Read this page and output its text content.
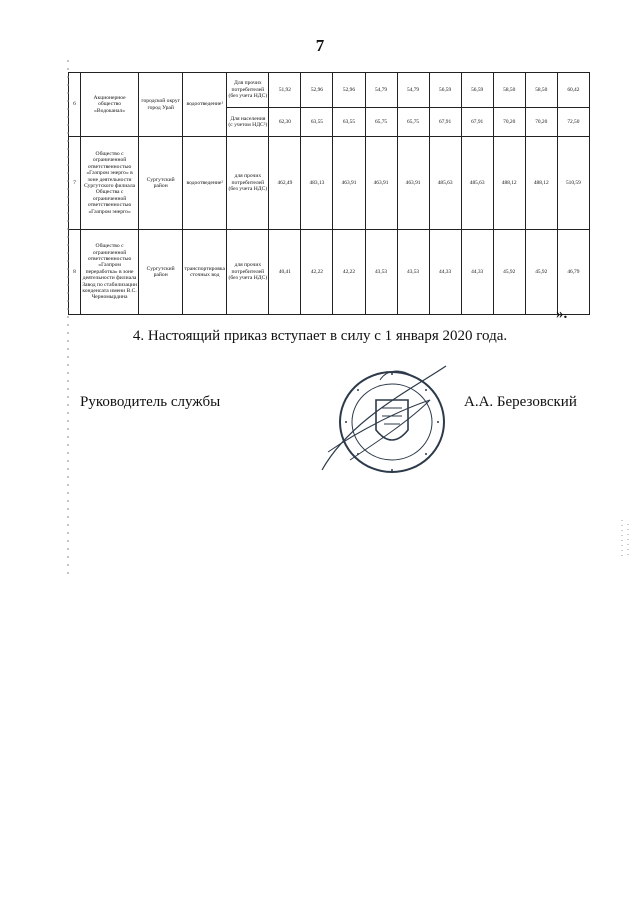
7
6	Акционерное общество «Водоканал»	городской округ город Урай	водоотведение¹	Для прочих потребителей (без учета НДС)	51,92	52,96	52,96	54,79	54,79	56,59	56,59	58,50	58,50	60,42
				Для населения (с учетом НДС²)	62,30	63,55	63,55	65,75	65,75	67,91	67,91	70,20	70,20	72,50
7	Общество с ограниченной ответственностью «Газпром энерго» в зоне деятельности Сургутского филиала Общества с ограниченной ответственностью «Газпром энерго»	Сургутский район	водоотведение²	для прочих потребителей (без учета НДС)	462,49	483,13	463,91	463,91	463,91	485,63	485,63	488,12	488,12	510,59
8	Общество с ограниченной ответственностью «Газпром переработка» в зоне деятельности филиала Завод по стабилизации конденсата имени В.С. Черномырдина	Сургутский район	транспортировка сточных вод	для прочих потребителей (без учета НДС)	40,41	42,22	42,22	43,53	43,53	44,33	44,33	45,92	45,92	46,79
».
4. Настоящий приказ вступает в силу с 1 января 2020 года.
Руководитель службы	А.А. Березовский
